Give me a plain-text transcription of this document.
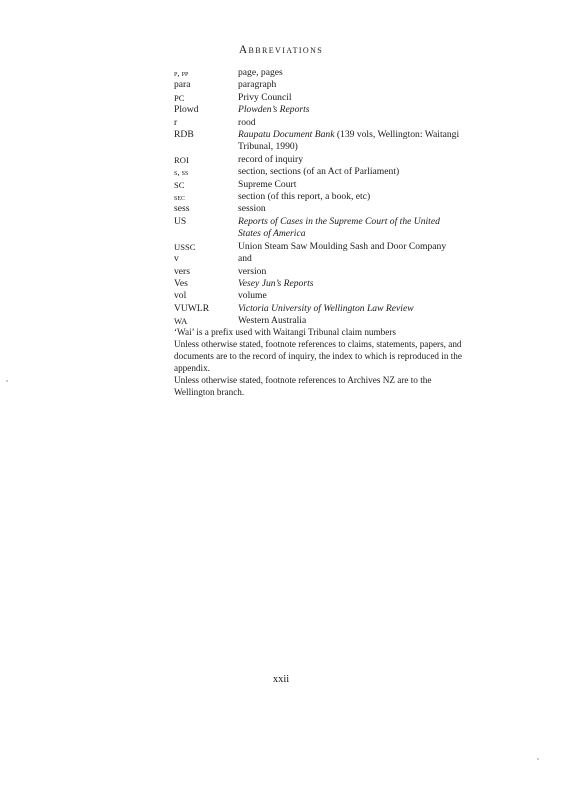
Abbreviations
p, pp	page, pages
para	paragraph
PC	Privy Council
Plowd	Plowden’s Reports
r	rood
RDB	Raupatu Document Bank (139 vols, Wellington: Waitangi Tribunal, 1990)
ROI	record of inquiry
s, ss	section, sections (of an Act of Parliament)
SC	Supreme Court
sec	section (of this report, a book, etc)
sess	session
US	Reports of Cases in the Supreme Court of the United States of America
USSC	Union Steam Saw Moulding Sash and Door Company
v	and
vers	version
Ves	Vesey Jun’s Reports
vol	volume
VUWLR	Victoria University of Wellington Law Review
WA	Western Australia

‘Wai’ is a prefix used with Waitangi Tribunal claim numbers

Unless otherwise stated, footnote references to claims, statements, papers, and documents are to the record of inquiry, the index to which is reproduced in the appendix.

Unless otherwise stated, footnote references to Archives NZ are to the Wellington branch.

xxii
